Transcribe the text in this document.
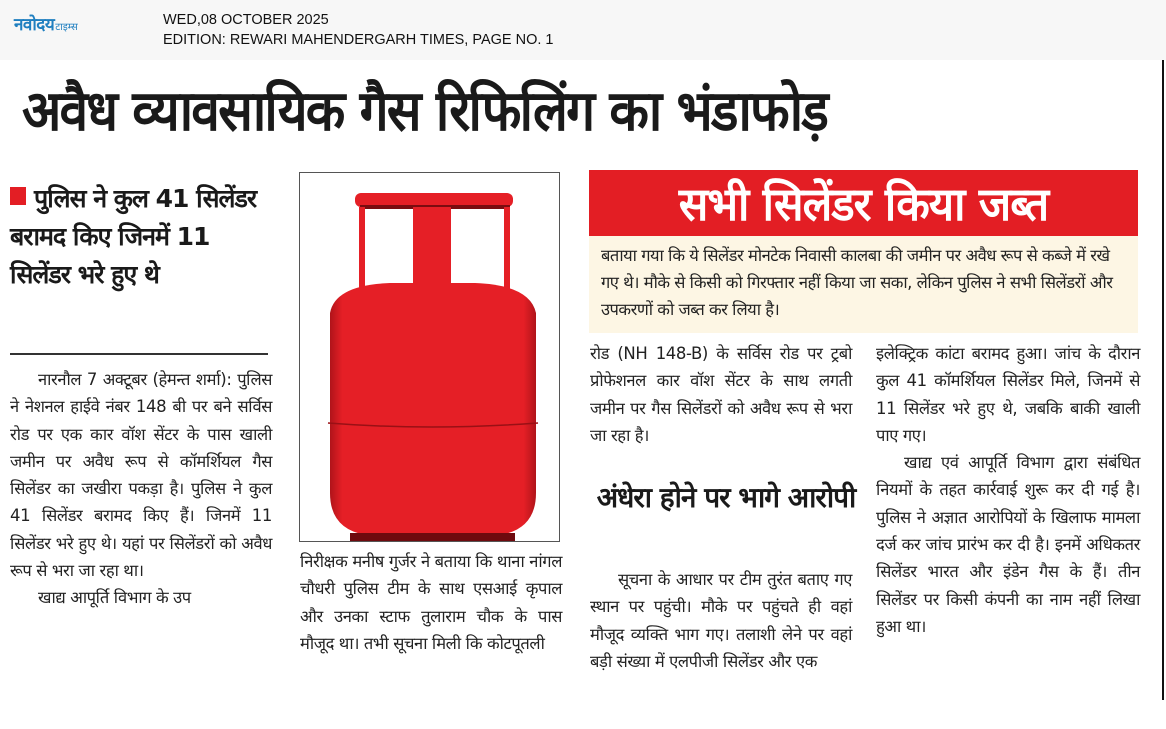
नवोदय टाइम्स	WED,08 OCTOBER 2025
EDITION: REWARI MAHENDERGARH TIMES, PAGE NO. 1
अवैध व्यावसायिक गैस रिफिलिंग का भंडाफोड़
पुलिस ने कुल 41 सिलेंडर बरामद किए जिनमें 11 सिलेंडर भरे हुए थे

नारनौल 7 अक्टूबर (हेमन्त शर्मा): पुलिस ने नेशनल हाईवे नंबर 148 बी पर बने सर्विस रोड पर एक कार वॉश सेंटर के पास खाली जमीन पर अवैध रूप से कॉमर्शियल गैस सिलेंडर का जखीरा पकड़ा है। पुलिस ने कुल 41 सिलेंडर बरामद किए हैं। जिनमें 11 सिलेंडर भरे हुए थे। यहां पर सिलेंडरों को अवैध रूप से भरा जा रहा था।

खाद्य आपूर्ति विभाग के उप

निरीक्षक मनीष गुर्जर ने बताया कि थाना नांगल चौधरी पुलिस टीम के साथ एसआई कृपाल और उनका स्टाफ तुलाराम चौक के पास मौजूद था। तभी सूचना मिली कि कोटपूतली

सभी सिलेंडर किया जब्त
बताया गया कि ये सिलेंडर मोनटेक निवासी कालबा की जमीन पर अवैध रूप से कब्जे में रखे गए थे। मौके से किसी को गिरफ्तार नहीं किया जा सका, लेकिन पुलिस ने सभी सिलेंडरों और उपकरणों को जब्त कर लिया है।

रोड (NH 148-B) के सर्विस रोड पर ट्रबो प्रोफेशनल कार वॉश सेंटर के साथ लगती जमीन पर गैस सिलेंडरों को अवैध रूप से भरा जा रहा है।

अंधेरा होने पर भागे आरोपी

सूचना के आधार पर टीम तुरंत बताए गए स्थान पर पहुंची। मौके पर पहुंचते ही वहां मौजूद व्यक्ति भाग गए। तलाशी लेने पर वहां बड़ी संख्या में एलपीजी सिलेंडर और एक

इलेक्ट्रिक कांटा बरामद हुआ। जांच के दौरान कुल 41 कॉमर्शियल सिलेंडर मिले, जिनमें से 11 सिलेंडर भरे हुए थे, जबकि बाकी खाली पाए गए।

खाद्य एवं आपूर्ति विभाग द्वारा संबंधित नियमों के तहत कार्रवाई शुरू कर दी गई है। पुलिस ने अज्ञात आरोपियों के खिलाफ मामला दर्ज कर जांच प्रारंभ कर दी है। इनमें अधिकतर सिलेंडर भारत और इंडेन गैस के हैं। तीन सिलेंडर पर किसी कंपनी का नाम नहीं लिखा हुआ था।
